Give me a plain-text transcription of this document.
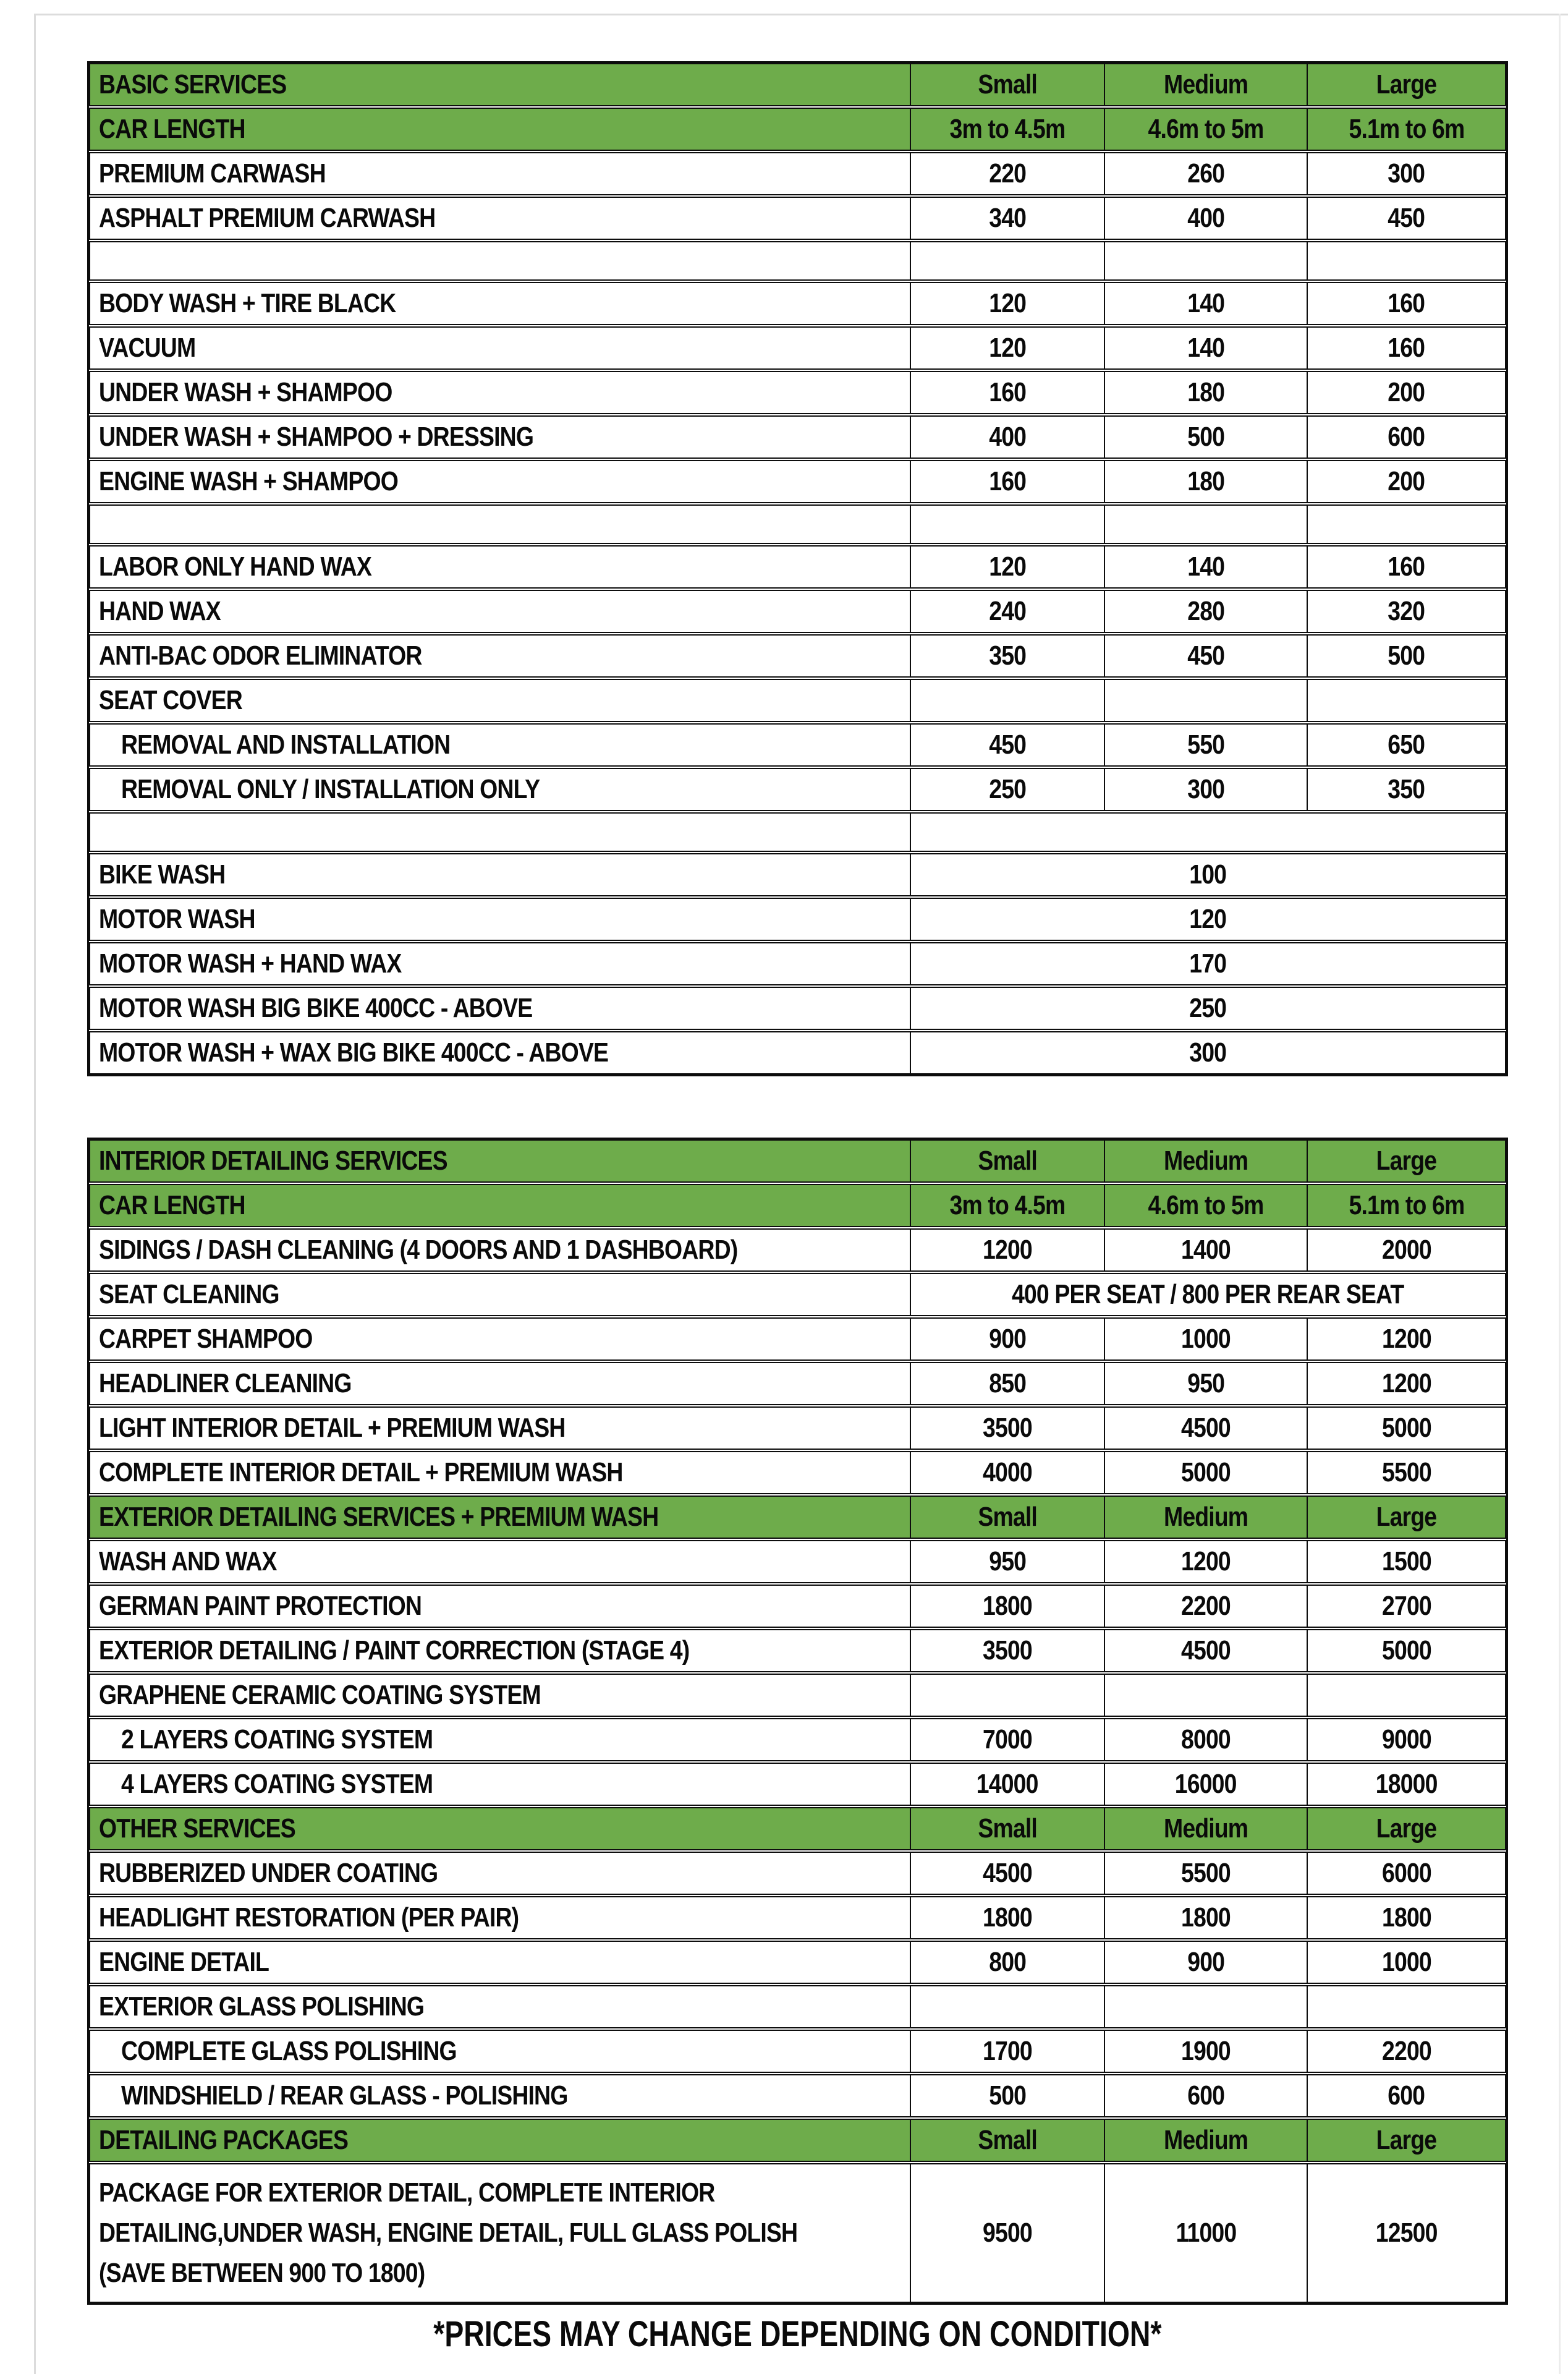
BASIC SERVICES	Small	Medium	Large
CAR LENGTH	3m to 4.5m	4.6m to 5m	5.1m to 6m
PREMIUM CARWASH	220	260	300
ASPHALT PREMIUM CARWASH	340	400	450
BODY WASH + TIRE BLACK	120	140	160
VACUUM	120	140	160
UNDER WASH + SHAMPOO	160	180	200
UNDER WASH + SHAMPOO + DRESSING	400	500	600
ENGINE WASH + SHAMPOO	160	180	200
LABOR ONLY HAND WAX	120	140	160
HAND WAX	240	280	320
ANTI-BAC ODOR ELIMINATOR	350	450	500
SEAT COVER
REMOVAL AND INSTALLATION	450	550	650
REMOVAL ONLY / INSTALLATION ONLY	250	300	350
BIKE WASH	100
MOTOR WASH	120
MOTOR WASH + HAND WAX	170
MOTOR WASH BIG BIKE 400CC - ABOVE	250
MOTOR WASH + WAX BIG BIKE 400CC - ABOVE	300
INTERIOR DETAILING SERVICES	Small	Medium	Large
CAR LENGTH	3m to 4.5m	4.6m to 5m	5.1m to 6m
SIDINGS / DASH CLEANING (4 DOORS AND 1 DASHBOARD)	1200	1400	2000
SEAT CLEANING	400 PER SEAT / 800 PER REAR SEAT
CARPET SHAMPOO	900	1000	1200
HEADLINER CLEANING	850	950	1200
LIGHT INTERIOR DETAIL + PREMIUM WASH	3500	4500	5000
COMPLETE INTERIOR DETAIL + PREMIUM WASH	4000	5000	5500
EXTERIOR DETAILING SERVICES + PREMIUM WASH	Small	Medium	Large
WASH AND WAX	950	1200	1500
GERMAN PAINT PROTECTION	1800	2200	2700
EXTERIOR DETAILING / PAINT CORRECTION (STAGE 4)	3500	4500	5000
GRAPHENE CERAMIC COATING SYSTEM
2 LAYERS COATING SYSTEM	7000	8000	9000
4 LAYERS COATING SYSTEM	14000	16000	18000
OTHER SERVICES	Small	Medium	Large
RUBBERIZED UNDER COATING	4500	5500	6000
HEADLIGHT RESTORATION (PER PAIR)	1800	1800	1800
ENGINE DETAIL	800	900	1000
EXTERIOR GLASS POLISHING
COMPLETE GLASS POLISHING	1700	1900	2200
WINDSHIELD / REAR GLASS - POLISHING	500	600	600
DETAILING PACKAGES	Small	Medium	Large
PACKAGE FOR EXTERIOR DETAIL, COMPLETE INTERIOR
DETAILING,UNDER WASH, ENGINE DETAIL, FULL GLASS POLISH
(SAVE BETWEEN 900 TO 1800)
9500	11000	12500
*PRICES MAY CHANGE DEPENDING ON CONDITION*
